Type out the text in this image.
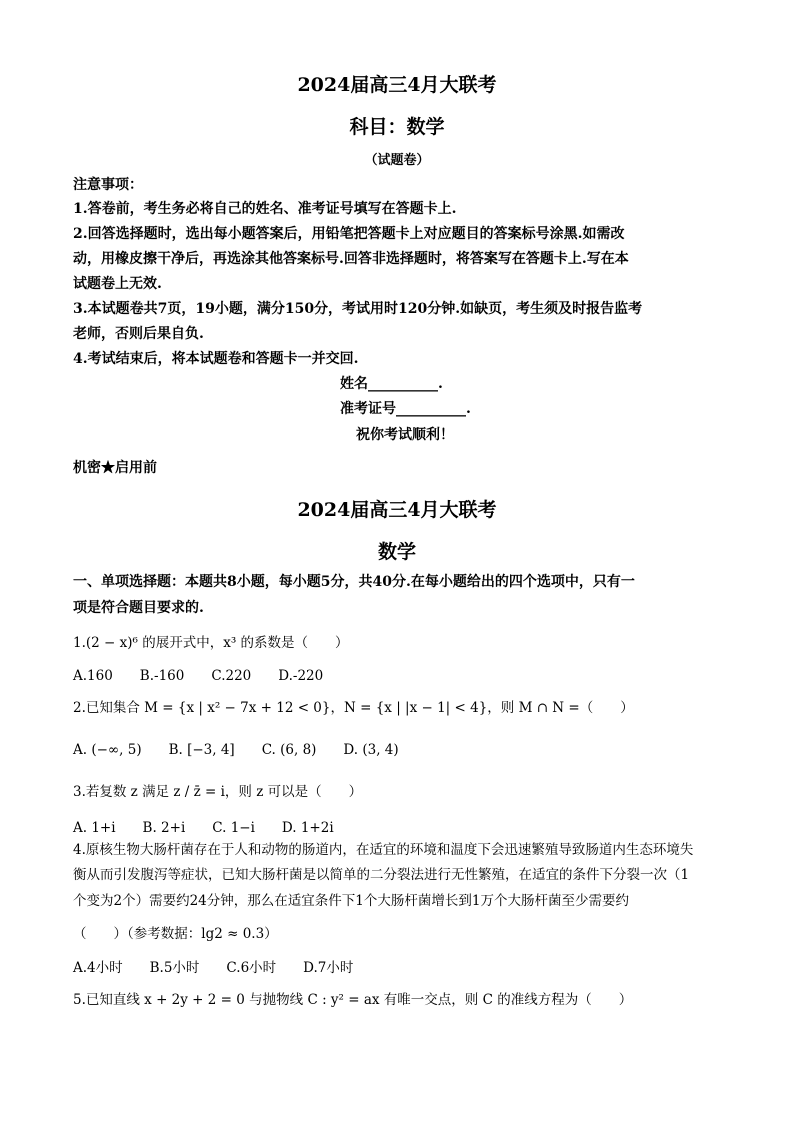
2024届高三4月大联考
科目：数学
（试题卷）
注意事项：
1.答卷前，考生务必将自己的姓名、准考证号填写在答题卡上.
2.回答选择题时，选出每小题答案后，用铅笔把答题卡上对应题目的答案标号涂黑.如需改
动，用橡皮擦干净后，再选涂其他答案标号.回答非选择题时，将答案写在答题卡上.写在本
试题卷上无效.
3.本试题卷共7页，19小题，满分150分，考试用时120分钟.如缺页，考生须及时报告监考
老师，否则后果自负.
4.考试结束后，将本试题卷和答题卡一并交回.
姓名__________.
准考证号__________.
祝你考试顺利！
机密★启用前
2024届高三4月大联考
数学
一、单项选择题：本题共8小题，每小题5分，共40分.在每小题给出的四个选项中，只有一
项是符合题目要求的.
1.(2 − x)⁶ 的展开式中，x³ 的系数是（　　）
A.160　　B.-160　　C.220　　D.-220
2.已知集合 M = {x | x² − 7x + 12 < 0}，N = {x | |x − 1| < 4}，则 M ∩ N =（　　）
A. (−∞, 5)　　B. [−3, 4]　　C. (6, 8)　　D. (3, 4)
3.若复数 z 满足 z / z̄ = i，则 z 可以是（　　）
A. 1+i　　B. 2+i　　C. 1−i　　D. 1+2i
4.原核生物大肠杆菌存在于人和动物的肠道内，在适宜的环境和温度下会迅速繁殖导致肠道内生态环境失
衡从而引发腹泻等症状，已知大肠杆菌是以简单的二分裂法进行无性繁殖，在适宜的条件下分裂一次（1
个变为2个）需要约24分钟，那么在适宜条件下1个大肠杆菌增长到1万个大肠杆菌至少需要约
（　　）（参考数据：lg2 ≈ 0.3）
A.4小时　　B.5小时　　C.6小时　　D.7小时
5.已知直线 x + 2y + 2 = 0 与抛物线 C : y² = ax 有唯一交点，则 C 的准线方程为（　　）
